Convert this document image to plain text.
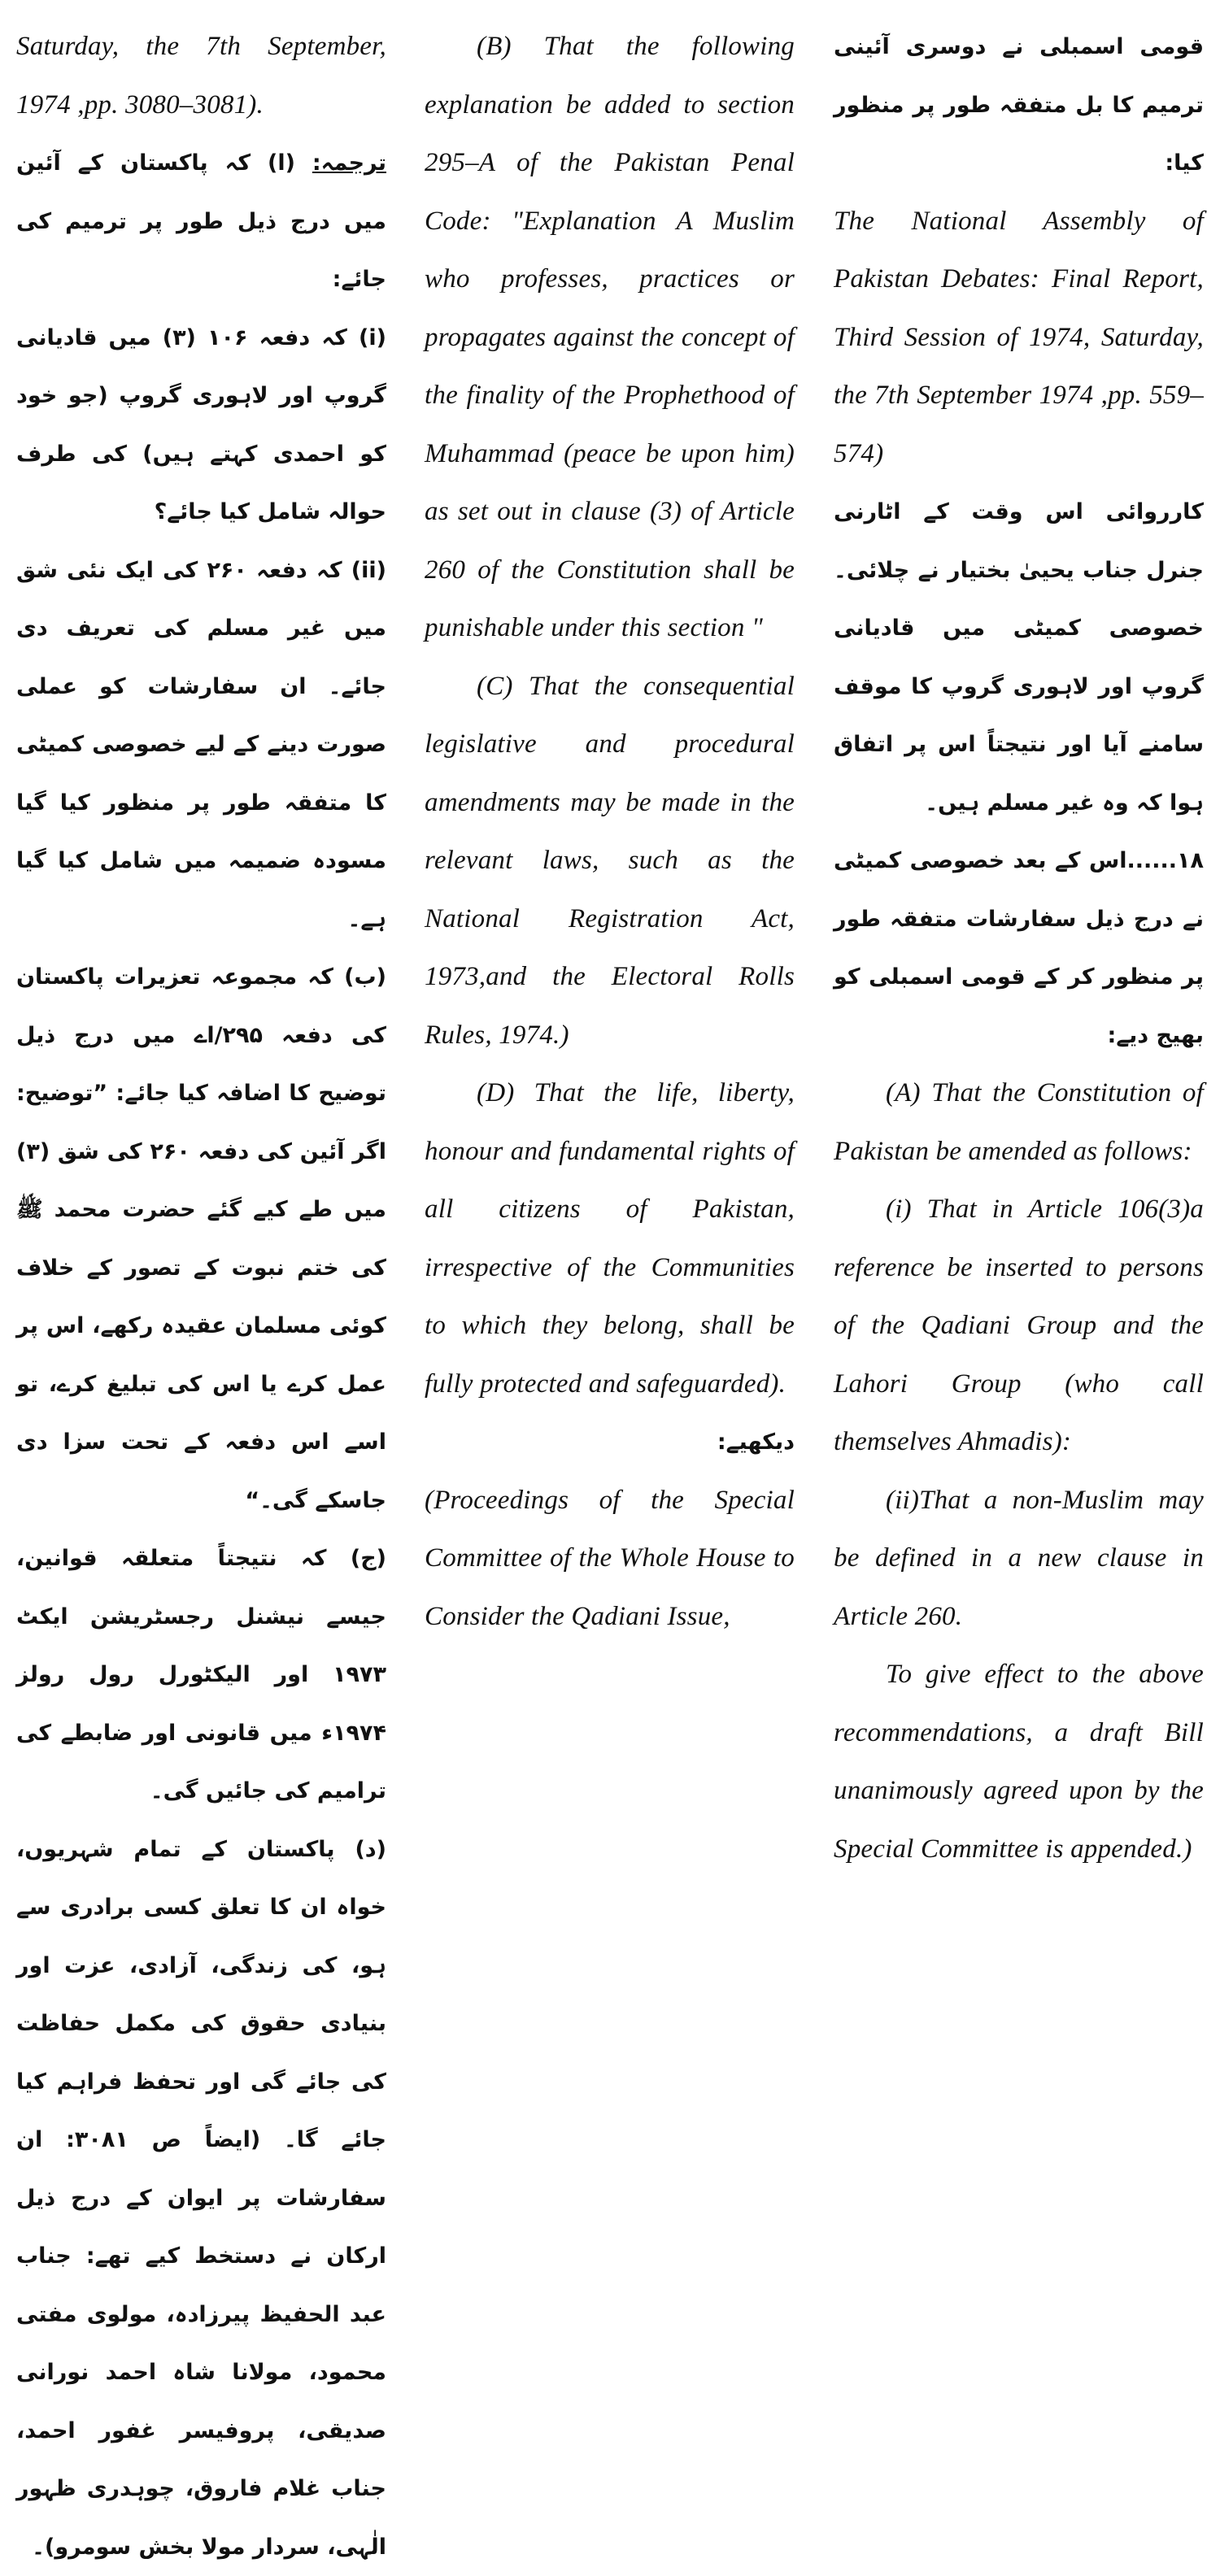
Saturday, the 7th September, 1974 ,pp. 3080–3081).

ترجمہ: (ا) کہ پاکستان کے آئین میں درج ذیل طور پر ترمیم کی جائے:

(i) کہ دفعہ ۱۰۶ (۳) میں قادیانی گروپ اور لاہوری گروپ (جو خود کو احمدی کہتے ہیں) کی طرف حوالہ شامل کیا جائے؟

(ii) کہ دفعہ ۲۶۰ کی ایک نئی شق میں غیر مسلم کی تعریف دی جائے۔ ان سفارشات کو عملی صورت دینے کے لیے خصوصی کمیٹی کا متفقہ طور پر منظور کیا گیا مسودہ ضمیمہ میں شامل کیا گیا ہے۔

(ب) کہ مجموعہ تعزیرات پاکستان کی دفعہ ۲۹۵/اے میں درج ذیل توضیح کا اضافہ کیا جائے: ”توضیح: اگر آئین کی دفعہ ۲۶۰ کی شق (۳) میں طے کیے گئے حضرت محمد ﷺ کی ختم نبوت کے تصور کے خلاف کوئی مسلمان عقیدہ رکھے، اس پر عمل کرے یا اس کی تبلیغ کرے، تو اسے اس دفعہ کے تحت سزا دی جاسکے گی۔“

(ج) کہ نتیجتاً متعلقہ قوانین، جیسے نیشنل رجسٹریشن ایکٹ ۱۹۷۳ اور الیکٹورل رول رولز ۱۹۷۴ء میں قانونی اور ضابطے کی ترامیم کی جائیں گی۔

(د) پاکستان کے تمام شہریوں، خواہ ان کا تعلق کسی برادری سے ہو، کی زندگی، آزادی، عزت اور بنیادی حقوق کی مکمل حفاظت کی جائے گی اور تحفظ فراہم کیا جائے گا۔ (ایضاً ص ۳۰۸۱: ان سفارشات پر ایوان کے درج ذیل ارکان نے دستخط کیے تھے: جناب عبد الحفیظ پیرزادہ، مولوی مفتی محمود، مولانا شاہ احمد نورانی صدیقی، پروفیسر غفور احمد، جناب غلام فاروق، چوہدری ظہور الٰہی، سردار مولا بخش سومرو)۔

(B) That the following explanation be added to section 295–A of the Pakistan Penal Code: "Explanation A Muslim who professes, practices or propagates against the concept of the finality of the Prophethood of Muhammad (peace be upon him) as set out in clause (3) of Article 260 of the Constitution shall be punishable under this section "

(C) That the consequential legislative and procedural amendments may be made in the relevant laws, such as the National Registration Act, 1973,and the Electoral Rolls Rules, 1974.)

(D) That the life, liberty, honour and fundamental rights of all citizens of Pakistan, irrespective of the Communities to which they belong, shall be fully protected and safeguarded).

دیکھیے:

(Proceedings of the Special Committee of the Whole House to Consider the Qadiani Issue,

قومی اسمبلی نے دوسری آئینی ترمیم کا بل متفقہ طور پر منظور کیا:

The National Assembly of Pakistan Debates: Final Report, Third Session of 1974, Saturday, the 7th September 1974 ,pp. 559–574)

کارروائی اس وقت کے اٹارنی جنرل جناب یحییٰ بختیار نے چلائی۔ خصوصی کمیٹی میں قادیانی گروپ اور لاہوری گروپ کا موقف سامنے آیا اور نتیجتاً اس پر اتفاق ہوا کہ وہ غیر مسلم ہیں۔

۱۸......اس کے بعد خصوصی کمیٹی نے درج ذیل سفارشات متفقہ طور پر منظور کر کے قومی اسمبلی کو بھیج دیے:

(A) That the Constitution of Pakistan be amended as follows:

(i) That in Article 106(3)a reference be inserted to persons of the Qadiani Group and the Lahori Group (who call themselves Ahmadis):

(ii)That a non-Muslim may be defined in a new clause in Article 260.

To give effect to the above recommendations, a draft Bill unanimously agreed upon by the Special Committee is appended.)
